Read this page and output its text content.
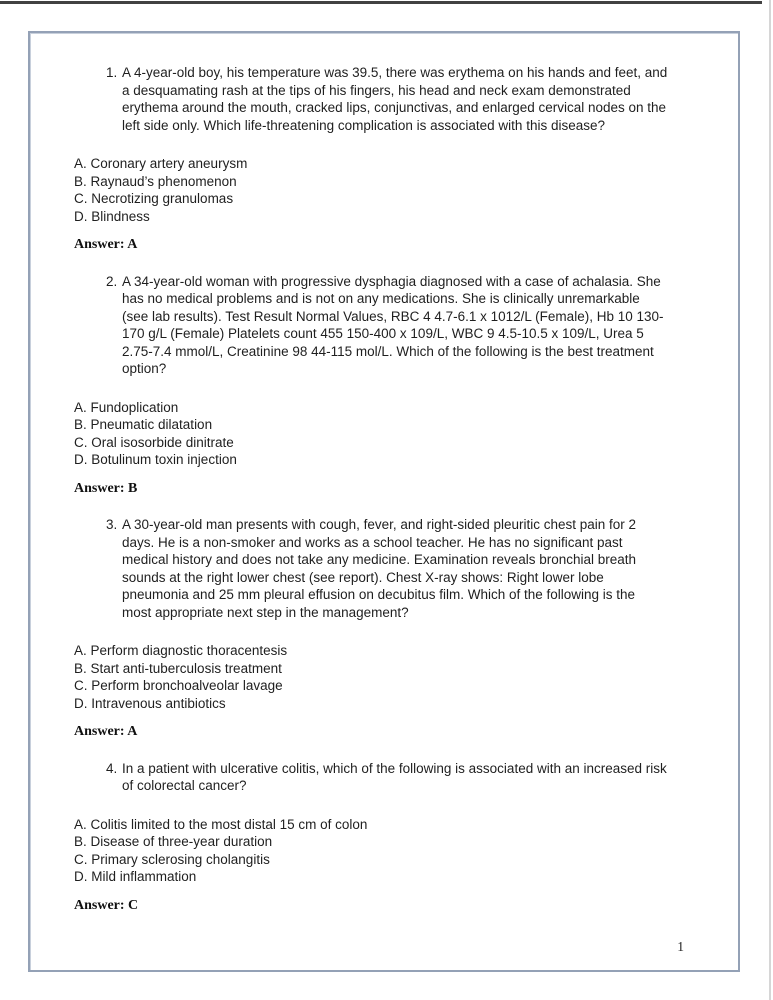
1. A 4-year-old boy, his temperature was 39.5, there was erythema on his hands and feet, and a desquamating rash at the tips of his fingers, his head and neck exam demonstrated erythema around the mouth, cracked lips, conjunctivas, and enlarged cervical nodes on the left side only. Which life-threatening complication is associated with this disease?
A. Coronary artery aneurysm
B. Raynaud’s phenomenon
C. Necrotizing granulomas
D. Blindness
Answer: A
2. A 34-year-old woman with progressive dysphagia diagnosed with a case of achalasia. She has no medical problems and is not on any medications. She is clinically unremarkable (see lab results). Test Result Normal Values, RBC 4 4.7-6.1 x 1012/L (Female), Hb 10 130-170 g/L (Female) Platelets count 455 150-400 x 109/L, WBC 9 4.5-10.5 x 109/L, Urea 5 2.75-7.4 mmol/L, Creatinine 98 44-115 mol/L. Which of the following is the best treatment option?
A. Fundoplication
B. Pneumatic dilatation
C. Oral isosorbide dinitrate
D. Botulinum toxin injection
Answer: B
3. A 30-year-old man presents with cough, fever, and right-sided pleuritic chest pain for 2 days. He is a non-smoker and works as a school teacher. He has no significant past medical history and does not take any medicine. Examination reveals bronchial breath sounds at the right lower chest (see report). Chest X-ray shows: Right lower lobe pneumonia and 25 mm pleural effusion on decubitus film. Which of the following is the most appropriate next step in the management?
A. Perform diagnostic thoracentesis
B. Start anti-tuberculosis treatment
C. Perform bronchoalveolar lavage
D. Intravenous antibiotics
Answer: A
4. In a patient with ulcerative colitis, which of the following is associated with an increased risk of colorectal cancer?
A. Colitis limited to the most distal 15 cm of colon
B. Disease of three-year duration
C. Primary sclerosing cholangitis
D. Mild inflammation
Answer: C
1
